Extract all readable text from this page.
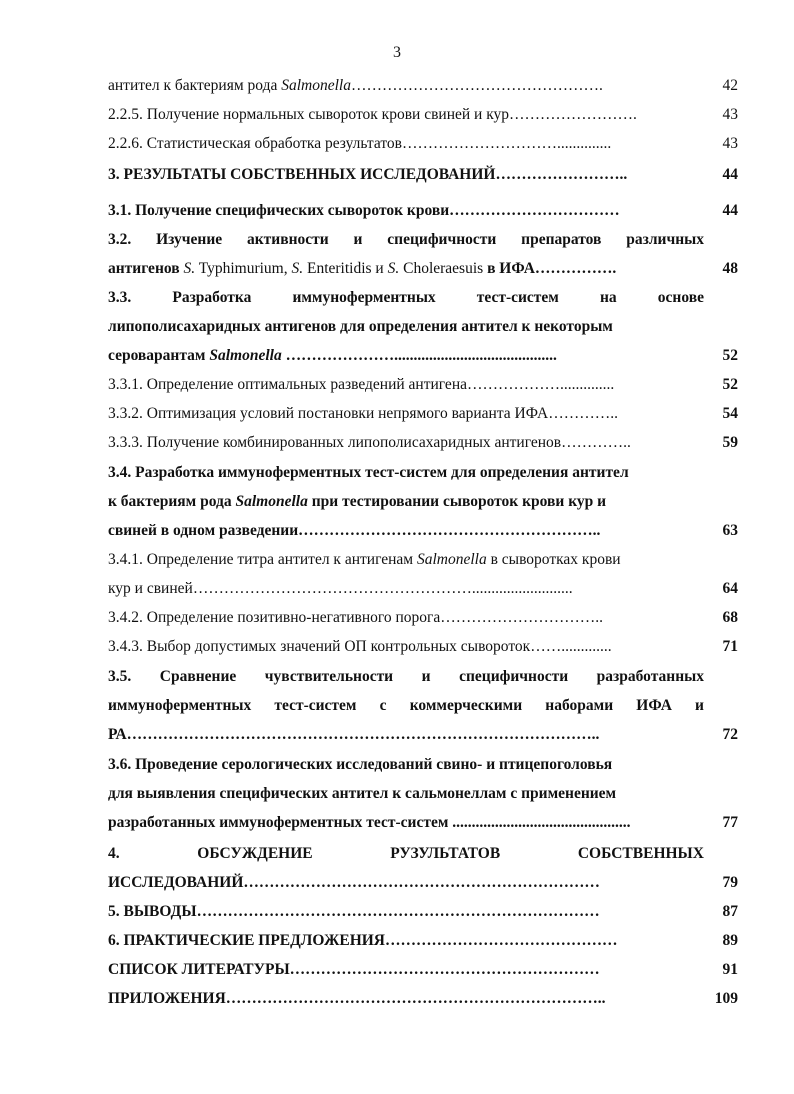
3
антител к бактериям рода Salmonella………………………………………….	42
2.2.5. Получение нормальных сывороток крови свиней и кур…………………….	43
2.2.6. Статистическая обработка результатов…………………………..............	43
3. РЕЗУЛЬТАТЫ СОБСТВЕННЫХ ИССЛЕДОВАНИЙ……………………..	44
3.1. Получение специфических сывороток крови……………………………	44
3.2. Изучение активности и специфичности препаратов различных
антигенов S. Typhimurium, S. Enteritidis и S. Choleraesuis в ИФА…………….	48
3.3.	Разработка	иммуноферментных	тест-систем	на	основе
липополисахаридных антигенов для определения антител к некоторым
сероварантам Salmonella …………………..........................................	52
3.3.1. Определение оптимальных разведений антигена………………..............	52
3.3.2. Оптимизация условий постановки непрямого варианта ИФА…………..	54
3.3.3. Получение комбинированных липополисахаридных антигенов…………..	59
3.4. Разработка иммуноферментных тест-систем для определения антител
к бактериям рода Salmonella при тестировании сывороток крови кур и
свиней в одном разведении…………………………………………………..	63
3.4.1. Определение титра антител к антигенам Salmonella в сыворотках крови
кур и свиней………………………………………………..........................	64
3.4.2. Определение позитивно-негативного порога…………………………..	68
3.4.3. Выбор допустимых значений ОП контрольных сывороток…….............	71
3.5. Сравнение чувствительности и специфичности разработанных
иммуноферментных тест-систем с коммерческими наборами ИФА и
РА………………………………………………………………………………..	72
3.6. Проведение серологических исследований свино- и птицепоголовья
для выявления специфических антител к сальмонеллам с применением
разработанных иммуноферментных тест-систем ..............................................	77
4.	ОБСУЖДЕНИЕ	РУЗУЛЬТАТОВ	СОБСТВЕННЫХ
ИССЛЕДОВАНИЙ……………………………………………………………	79
5. ВЫВОДЫ……………………………………………………………………	87
6. ПРАКТИЧЕСКИЕ ПРЕДЛОЖЕНИЯ………………………………………	89
СПИСОК ЛИТЕРАТУРЫ……………………………………………………	91
ПРИЛОЖЕНИЯ………………………………………………………………..	109
